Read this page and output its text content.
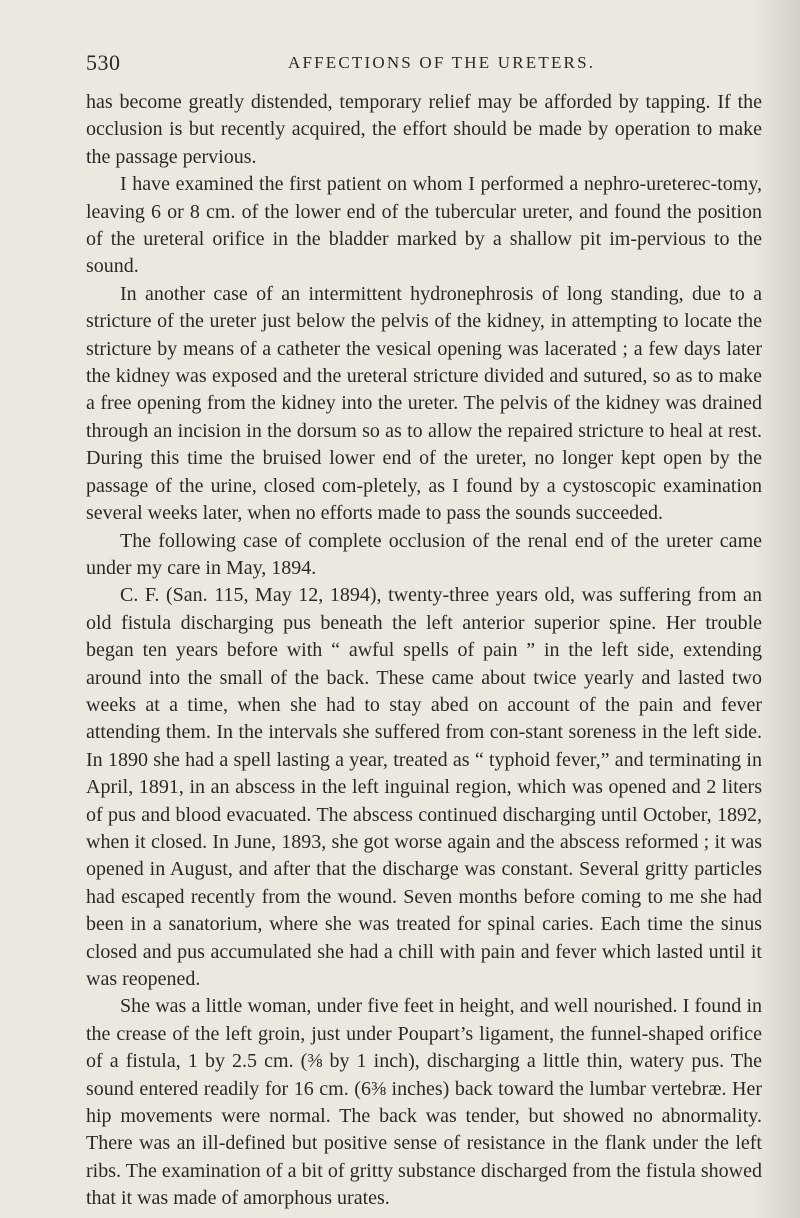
530	AFFECTIONS OF THE URETERS.

has become greatly distended, temporary relief may be afforded by tapping. If the occlusion is but recently acquired, the effort should be made by operation to make the passage pervious.

I have examined the first patient on whom I performed a nephro-ureterec-tomy, leaving 6 or 8 cm. of the lower end of the tubercular ureter, and found the position of the ureteral orifice in the bladder marked by a shallow pit im-pervious to the sound.

In another case of an intermittent hydronephrosis of long standing, due to a stricture of the ureter just below the pelvis of the kidney, in attempting to locate the stricture by means of a catheter the vesical opening was lacerated ; a few days later the kidney was exposed and the ureteral stricture divided and sutured, so as to make a free opening from the kidney into the ureter. The pelvis of the kidney was drained through an incision in the dorsum so as to allow the repaired stricture to heal at rest. During this time the bruised lower end of the ureter, no longer kept open by the passage of the urine, closed com-pletely, as I found by a cystoscopic examination several weeks later, when no efforts made to pass the sounds succeeded.

The following case of complete occlusion of the renal end of the ureter came under my care in May, 1894.

C. F. (San. 115, May 12, 1894), twenty-three years old, was suffering from an old fistula discharging pus beneath the left anterior superior spine. Her trouble began ten years before with “ awful spells of pain ” in the left side, extending around into the small of the back. These came about twice yearly and lasted two weeks at a time, when she had to stay abed on account of the pain and fever attending them. In the intervals she suffered from con-stant soreness in the left side. In 1890 she had a spell lasting a year, treated as “ typhoid fever,” and terminating in April, 1891, in an abscess in the left inguinal region, which was opened and 2 liters of pus and blood evacuated. The abscess continued discharging until October, 1892, when it closed. In June, 1893, she got worse again and the abscess reformed ; it was opened in August, and after that the discharge was constant. Several gritty particles had escaped recently from the wound. Seven months before coming to me she had been in a sanatorium, where she was treated for spinal caries. Each time the sinus closed and pus accumulated she had a chill with pain and fever which lasted until it was reopened.

She was a little woman, under five feet in height, and well nourished. I found in the crease of the left groin, just under Poupart’s ligament, the funnel-shaped orifice of a fistula, 1 by 2.5 cm. (⅜ by 1 inch), discharging a little thin, watery pus. The sound entered readily for 16 cm. (6⅜ inches) back toward the lumbar vertebræ. Her hip movements were normal. The back was tender, but showed no abnormality. There was an ill-defined but positive sense of resistance in the flank under the left ribs. The examination of a bit of gritty substance discharged from the fistula showed that it was made of amorphous urates.
